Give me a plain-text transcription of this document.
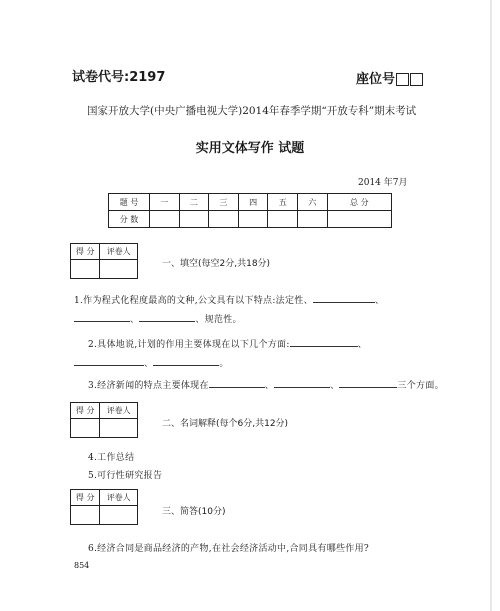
试卷代号:2197	座位号
国家开放大学(中央广播电视大学)2014年春季学期“开放专科”期末考试
实用文体写作 试题
2014 年7月
题 号	一	二	三	四	五	六	总 分
分 数							
得 分	评卷人

一、填空(每空2分,共18分)
1.作为程式化程度最高的文种,公文具有以下特点:法定性、	、
、	、规范性。
2.具体地说,计划的作用主要体现在以下几个方面:	、
、	。
3.经济新闻的特点主要体现在	、	、	三个方面。
得 分	评卷人

二、名词解释(每个6分,共12分)
4.工作总结
5.可行性研究报告
得 分	评卷人

三、简答(10分)
6.经济合同是商品经济的产物,在社会经济活动中,合同具有哪些作用?
854
